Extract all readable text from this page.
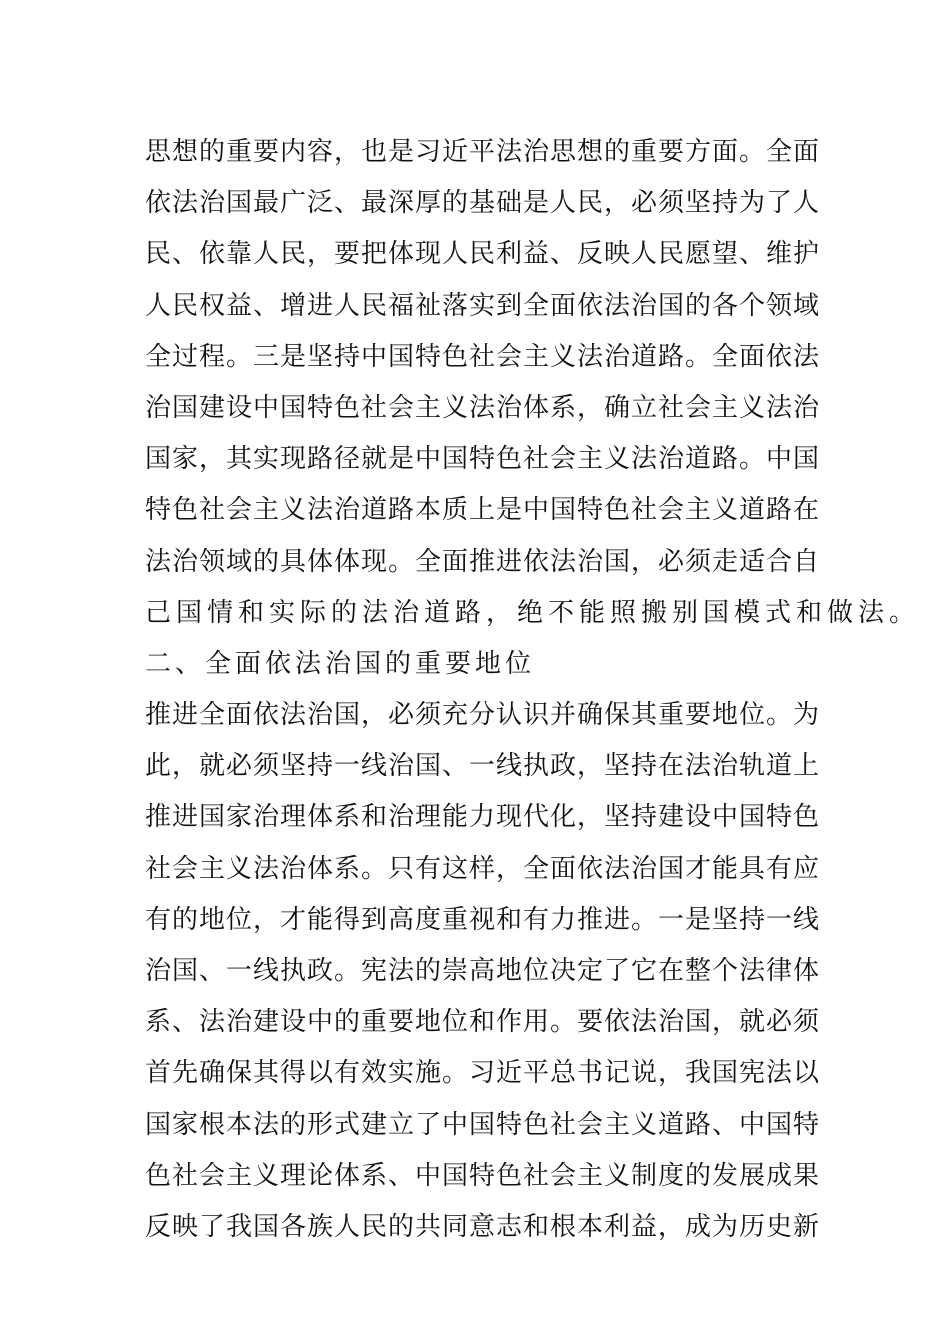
思想的重要内容，也是习近平法治思想的重要方面。全面
依法治国最广泛、最深厚的基础是人民，必须坚持为了人
民、依靠人民，要把体现人民利益、反映人民愿望、维护
人民权益、增进人民福祉落实到全面依法治国的各个领域
全过程。三是坚持中国特色社会主义法治道路。全面依法
治国建设中国特色社会主义法治体系，确立社会主义法治
国家，其实现路径就是中国特色社会主义法治道路。中国
特色社会主义法治道路本质上是中国特色社会主义道路在
法治领域的具体体现。全面推进依法治国，必须走适合自
己国情和实际的法治道路，绝不能照搬别国模式和做法。
二、全面依法治国的重要地位
推进全面依法治国，必须充分认识并确保其重要地位。为
此，就必须坚持一线治国、一线执政，坚持在法治轨道上
推进国家治理体系和治理能力现代化，坚持建设中国特色
社会主义法治体系。只有这样，全面依法治国才能具有应
有的地位，才能得到高度重视和有力推进。一是坚持一线
治国、一线执政。宪法的崇高地位决定了它在整个法律体
系、法治建设中的重要地位和作用。要依法治国，就必须
首先确保其得以有效实施。习近平总书记说，我国宪法以
国家根本法的形式建立了中国特色社会主义道路、中国特
色社会主义理论体系、中国特色社会主义制度的发展成果
反映了我国各族人民的共同意志和根本利益，成为历史新
